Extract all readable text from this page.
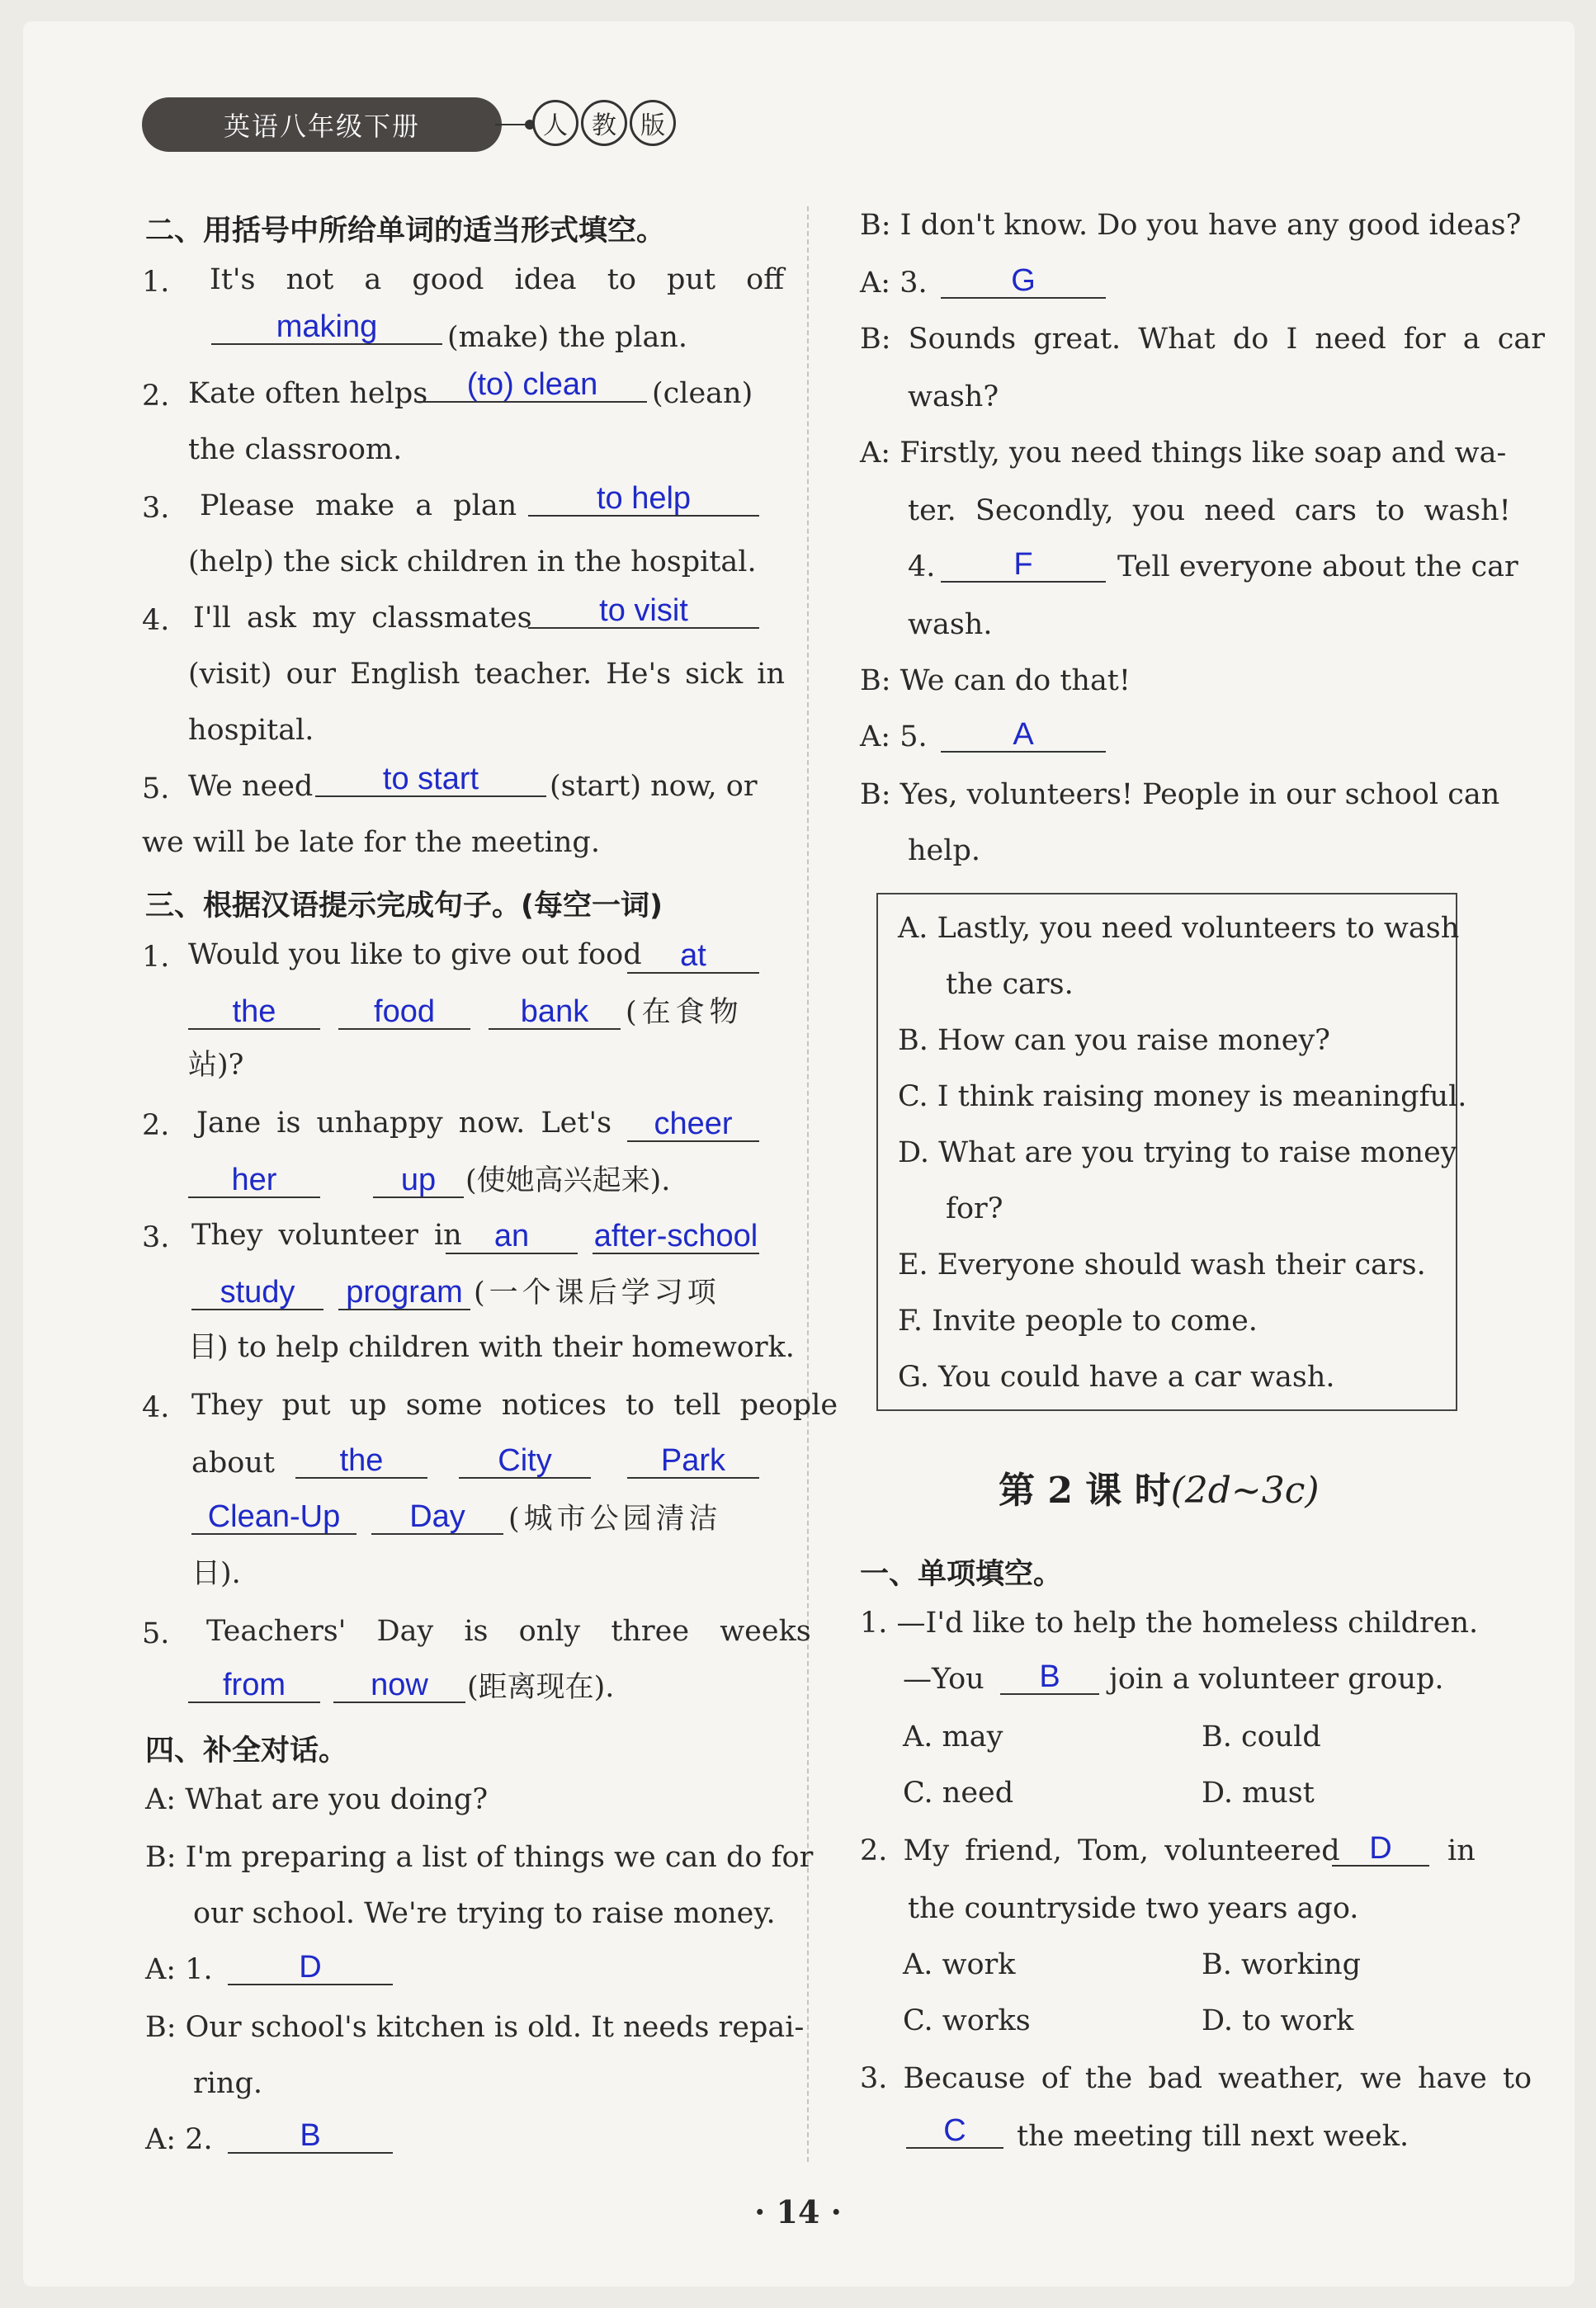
英语八年级下册	人 教 版
二、用括号中所给单词的适当形式填空。
1. It's not a good idea to put off
making	(make) the plan.
2. Kate often helps	(to) clean	(clean)
the classroom.
3. Please make a plan	to help
(help) the sick children in the hospital.
4. I'll ask my classmates	to visit
(visit) our English teacher. He's sick in
hospital.
5. We need	to start	(start) now, or
we will be late for the meeting.
三、根据汉语提示完成句子。(每空一词)
1. Would you like to give out food	at
the	food	bank	(在食物
站)?
2. Jane is unhappy now. Let's	cheer
her	up	(使她高兴起来).
3. They volunteer in	an	after-school
study	program (一个课后学习项
目) to help children with their homework.
4. They put up some notices to tell people
about	the	City	Park
Clean-Up	Day	(城市公园清洁
日).
5. Teachers' Day is only three weeks
from	now	(距离现在).
四、补全对话。
A: What are you doing?
B: I'm preparing a list of things we can do for
our school. We're trying to raise money.
A: 1.	D
B: Our school's kitchen is old. It needs repai-
ring.
A: 2.	B
B: I don't know. Do you have any good ideas?
A: 3.	G
B: Sounds great. What do I need for a car
wash?
A: Firstly, you need things like soap and wa-
ter. Secondly, you need cars to wash!
4.	F	Tell everyone about the car
wash.
B: We can do that!
A: 5.	A
B: Yes, volunteers! People in our school can
help.
A. Lastly, you need volunteers to wash
the cars.
B. How can you raise money?
C. I think raising money is meaningful.
D. What are you trying to raise money
for?
E. Everyone should wash their cars.
F. Invite people to come.
G. You could have a car wash.
第 2 课 时(2d~3c)
一、单项填空。
1. —I'd like to help the homeless children.
—You	B	join a volunteer group.
A. may	B. could
C. need	D. must
2. My friend, Tom, volunteered D	in
the countryside two years ago.
A. work	B. working
C. works	D. to work
3. Because of the bad weather, we have to
C	the meeting till next week.
· 14 ·
